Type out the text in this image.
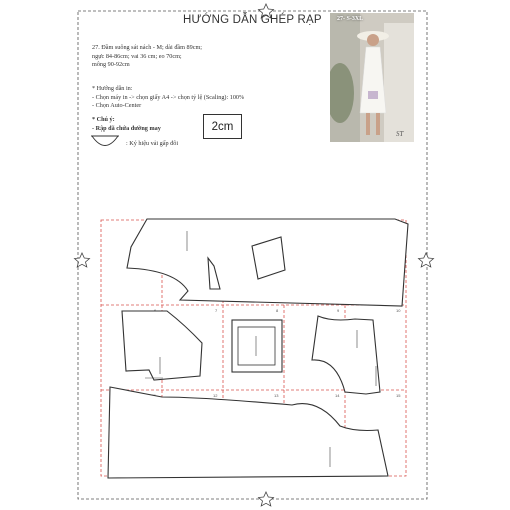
HƯỚNG DẪN GHÉP RẠP
27. Đầm suông sát nách - M; dài đầm 89cm;
ngực 84-86cm; vai 36 cm; eo 70cm;
mông 90-92cm
* Hướng dẫn in:
- Chọn máy in -> chọn giấy A4 -> chọn tỷ lệ (Scaling): 100%
- Chọn Auto-Center
* Chú ý:
- Rập đã chứa đường may
: Ký hiệu vải gấp đôi
2cm
27- S-3XL
ST
7	8	9	10
12	13	14	15
